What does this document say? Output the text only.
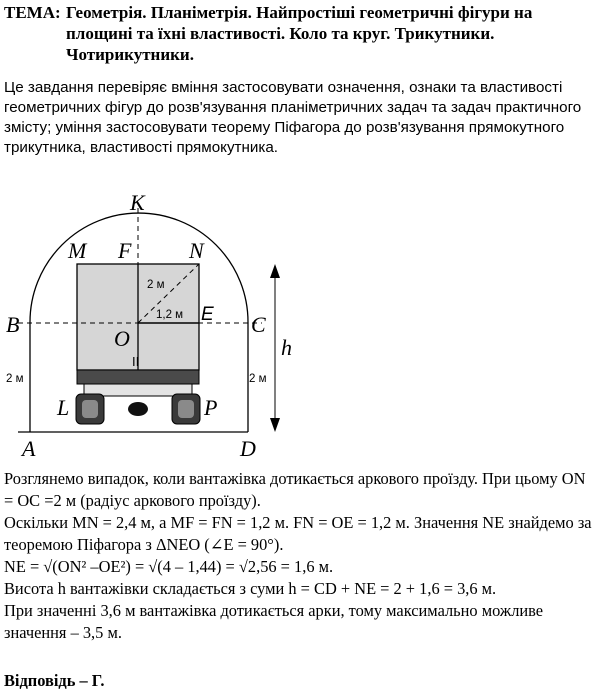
ТЕМА: Геометрія. Планіметрія. Найпростіші геометричні фігури на площині та їхні властивості. Коло та круг. Трикутники. Чотирикутники.
Це завдання перевіряє вміння застосовувати означення, ознаки та властивості геометричних фігур до розв'язування планіметричних задач та задач практичного змісту; уміння застосовувати теорему Піфагора до розв'язування прямокутного трикутника, властивості прямокутника.
II
K
M F	N
B	C
O
E
h
L	P
A	D
2 м
1,2 м
2 м	2 м

Розглянемо випадок, коли вантажівка дотикається аркового проїзду. При цьому ON = OC =2 м (радіус аркового проїзду).

Оскільки MN = 2,4 м, а MF = FN = 1,2 м. FN = OE = 1,2 м. Значення NE знайдемо за теоремою Піфагора з ΔNEO (∠E = 90°).

NE = √(ON² –OE²) = √(4 – 1,44) = √2,56 = 1,6 м.

Висота h вантажівки складається з суми h = CD + NE = 2 + 1,6 = 3,6 м.

При значенні 3,6 м вантажівка дотикається арки, тому максимально можливе значення – 3,5 м.

Відповідь – Г.
